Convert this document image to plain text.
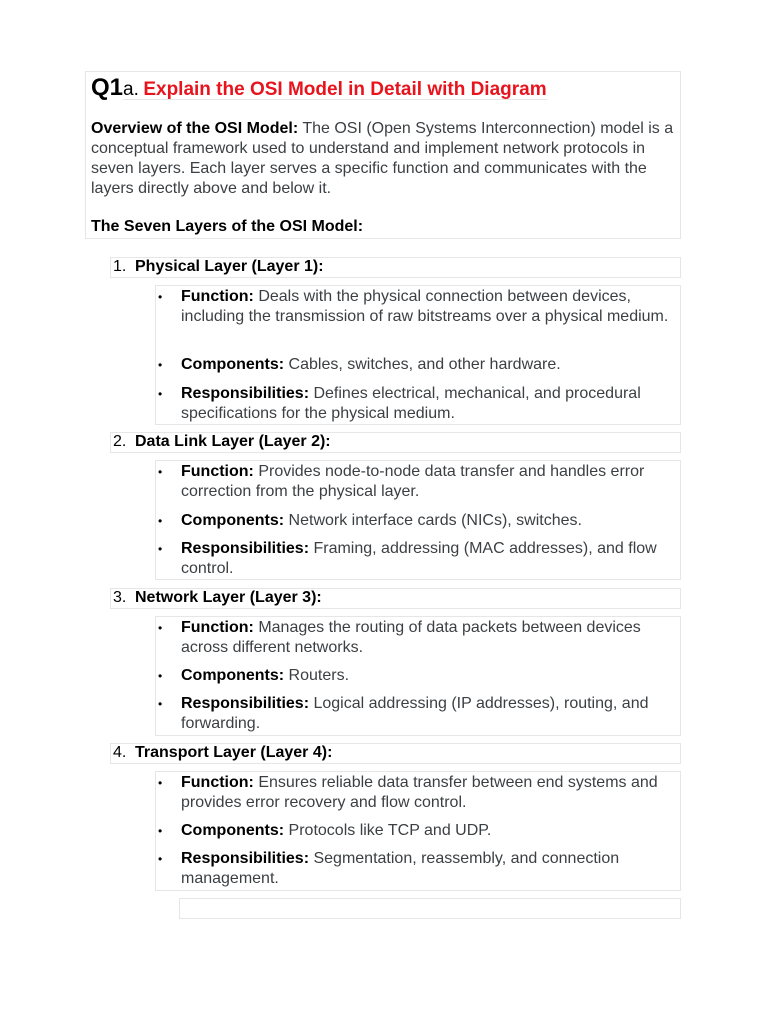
Q1a. Explain the OSI Model in Detail with Diagram
Overview of the OSI Model: The OSI (Open Systems Interconnection) model is a conceptual framework used to understand and implement network protocols in seven layers. Each layer serves a specific function and communicates with the layers directly above and below it.
The Seven Layers of the OSI Model:
1. Physical Layer (Layer 1):
• Function: Deals with the physical connection between devices, including the transmission of raw bitstreams over a physical medium.
• Components: Cables, switches, and other hardware.
• Responsibilities: Defines electrical, mechanical, and procedural specifications for the physical medium.
2. Data Link Layer (Layer 2):
• Function: Provides node-to-node data transfer and handles error correction from the physical layer.
• Components: Network interface cards (NICs), switches.
• Responsibilities: Framing, addressing (MAC addresses), and flow control.
3. Network Layer (Layer 3):
• Function: Manages the routing of data packets between devices across different networks.
• Components: Routers.
• Responsibilities: Logical addressing (IP addresses), routing, and forwarding.
4. Transport Layer (Layer 4):
• Function: Ensures reliable data transfer between end systems and provides error recovery and flow control.
• Components: Protocols like TCP and UDP.
• Responsibilities: Segmentation, reassembly, and connection management.
